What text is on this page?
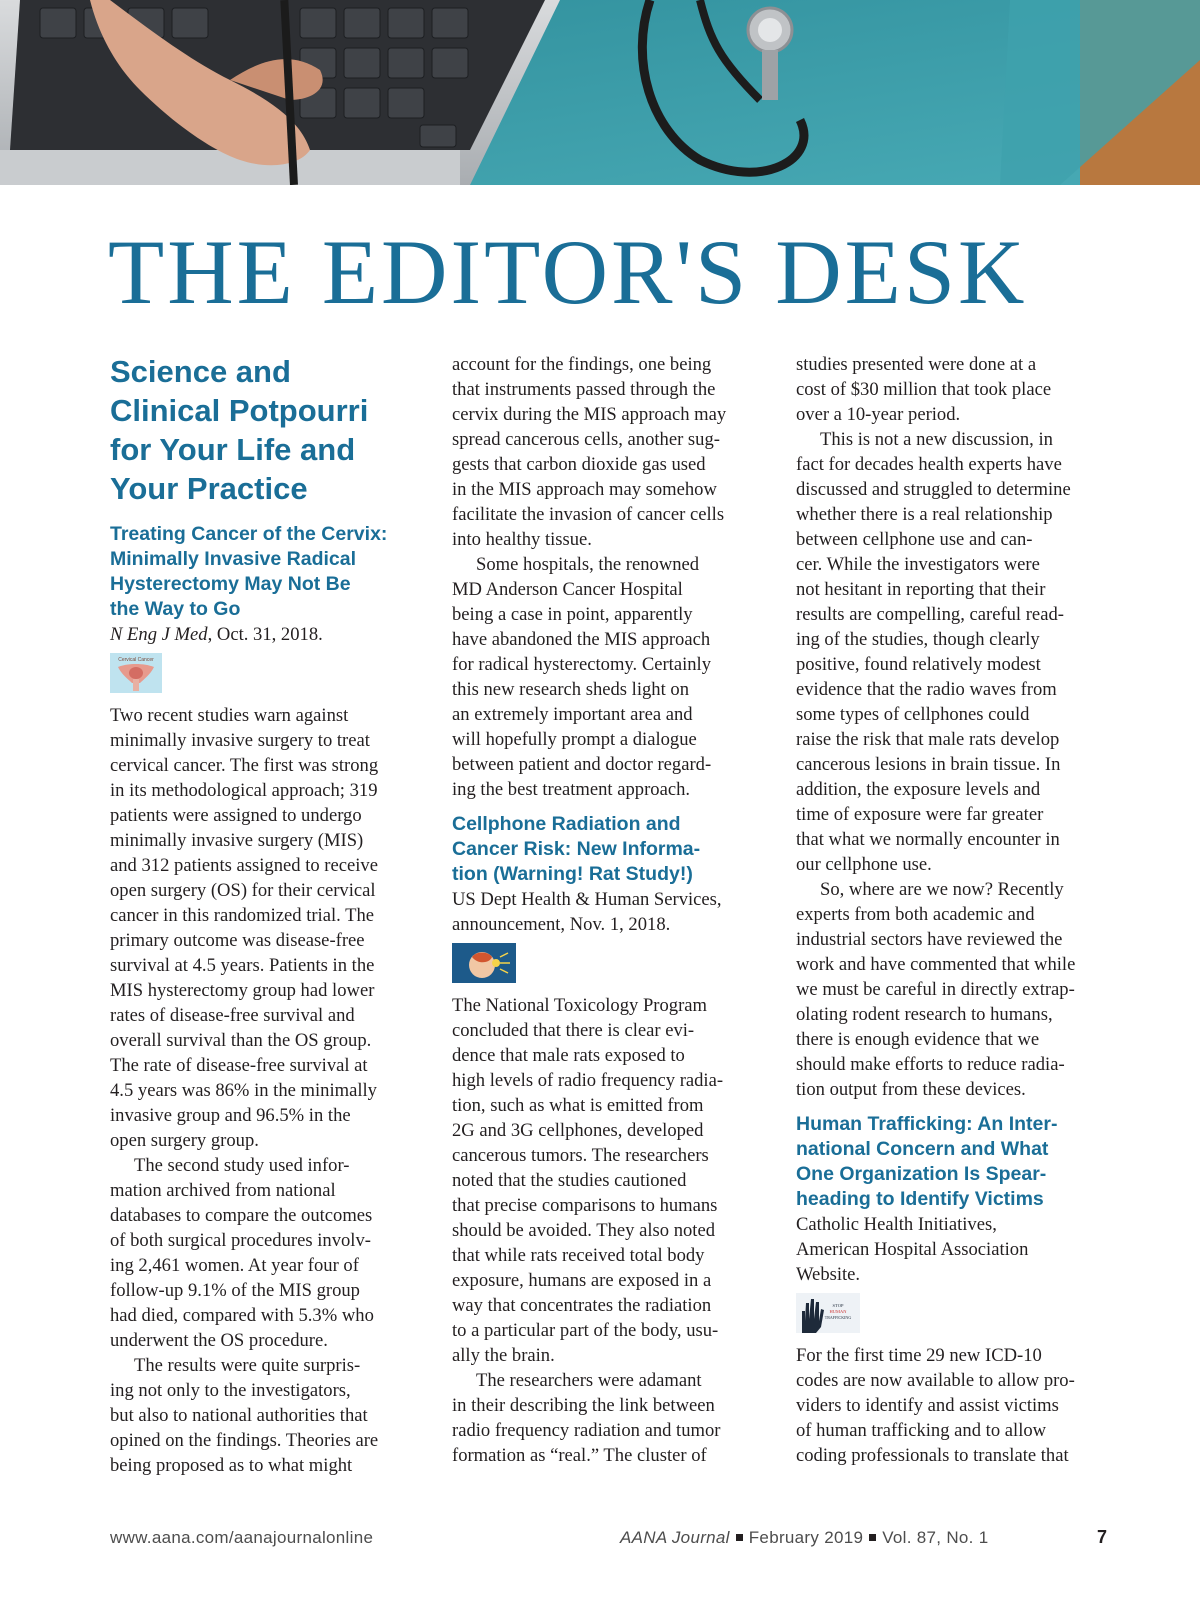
THE EDITOR'S DESK
Science and
Clinical Potpourri
for Your Life and
Your Practice
Treating Cancer of the Cervix:
Minimally Invasive Radical
Hysterectomy May Not Be
the Way to Go

N Eng J Med, Oct. 31, 2018.

Cervical Cancer

Two recent studies warn against
minimally invasive surgery to treat
cervical cancer. The first was strong
in its methodological approach; 319
patients were assigned to undergo
minimally invasive surgery (MIS)
and 312 patients assigned to receive
open surgery (OS) for their cervical
cancer in this randomized trial. The
primary outcome was disease-free
survival at 4.5 years. Patients in the
MIS hysterectomy group had lower
rates of disease-free survival and
overall survival than the OS group.
The rate of disease-free survival at
4.5 years was 86% in the minimally
invasive group and 96.5% in the
open surgery group.

The second study used infor-
mation archived from national
databases to compare the outcomes
of both surgical procedures involv-
ing 2,461 women. At year four of
follow-up 9.1% of the MIS group
had died, compared with 5.3% who
underwent the OS procedure.

The results were quite surpris-
ing not only to the investigators,
but also to national authorities that
opined on the findings. Theories are
being proposed as to what might

account for the findings, one being
that instruments passed through the
cervix during the MIS approach may
spread cancerous cells, another sug-
gests that carbon dioxide gas used
in the MIS approach may somehow
facilitate the invasion of cancer cells
into healthy tissue.

Some hospitals, the renowned
MD Anderson Cancer Hospital
being a case in point, apparently
have abandoned the MIS approach
for radical hysterectomy. Certainly
this new research sheds light on
an extremely important area and
will hopefully prompt a dialogue
between patient and doctor regard-
ing the best treatment approach.

Cellphone Radiation and
Cancer Risk: New Informa-
tion (Warning! Rat Study!)

US Dept Health & Human Services,
announcement, Nov. 1, 2018.

The National Toxicology Program
concluded that there is clear evi-
dence that male rats exposed to
high levels of radio frequency radia-
tion, such as what is emitted from
2G and 3G cellphones, developed
cancerous tumors. The researchers
noted that the studies cautioned
that precise comparisons to humans
should be avoided. They also noted
that while rats received total body
exposure, humans are exposed in a
way that concentrates the radiation
to a particular part of the body, usu-
ally the brain.

The researchers were adamant
in their describing the link between
radio frequency radiation and tumor
formation as “real.” The cluster of

studies presented were done at a
cost of $30 million that took place
over a 10-year period.

This is not a new discussion, in
fact for decades health experts have
discussed and struggled to determine
whether there is a real relationship
between cellphone use and can-
cer. While the investigators were
not hesitant in reporting that their
results are compelling, careful read-
ing of the studies, though clearly
positive, found relatively modest
evidence that the radio waves from
some types of cellphones could
raise the risk that male rats develop
cancerous lesions in brain tissue. In
addition, the exposure levels and
time of exposure were far greater
that what we normally encounter in
our cellphone use.

So, where are we now? Recently
experts from both academic and
industrial sectors have reviewed the
work and have commented that while
we must be careful in directly extrap-
olating rodent research to humans,
there is enough evidence that we
should make efforts to reduce radia-
tion output from these devices.

Human Trafficking: An Inter-
national Concern and What
One Organization Is Spear-
heading to Identify Victims

Catholic Health Initiatives,
American Hospital Association
Website.

STOP
HUMAN
TRAFFICKING

For the first time 29 new ICD-10
codes are now available to allow pro-
viders to identify and assist victims
of human trafficking and to allow
coding professionals to translate that

www.aana.com/aanajournalonline	AANA Journal February 2019 Vol. 87, No. 1	7
